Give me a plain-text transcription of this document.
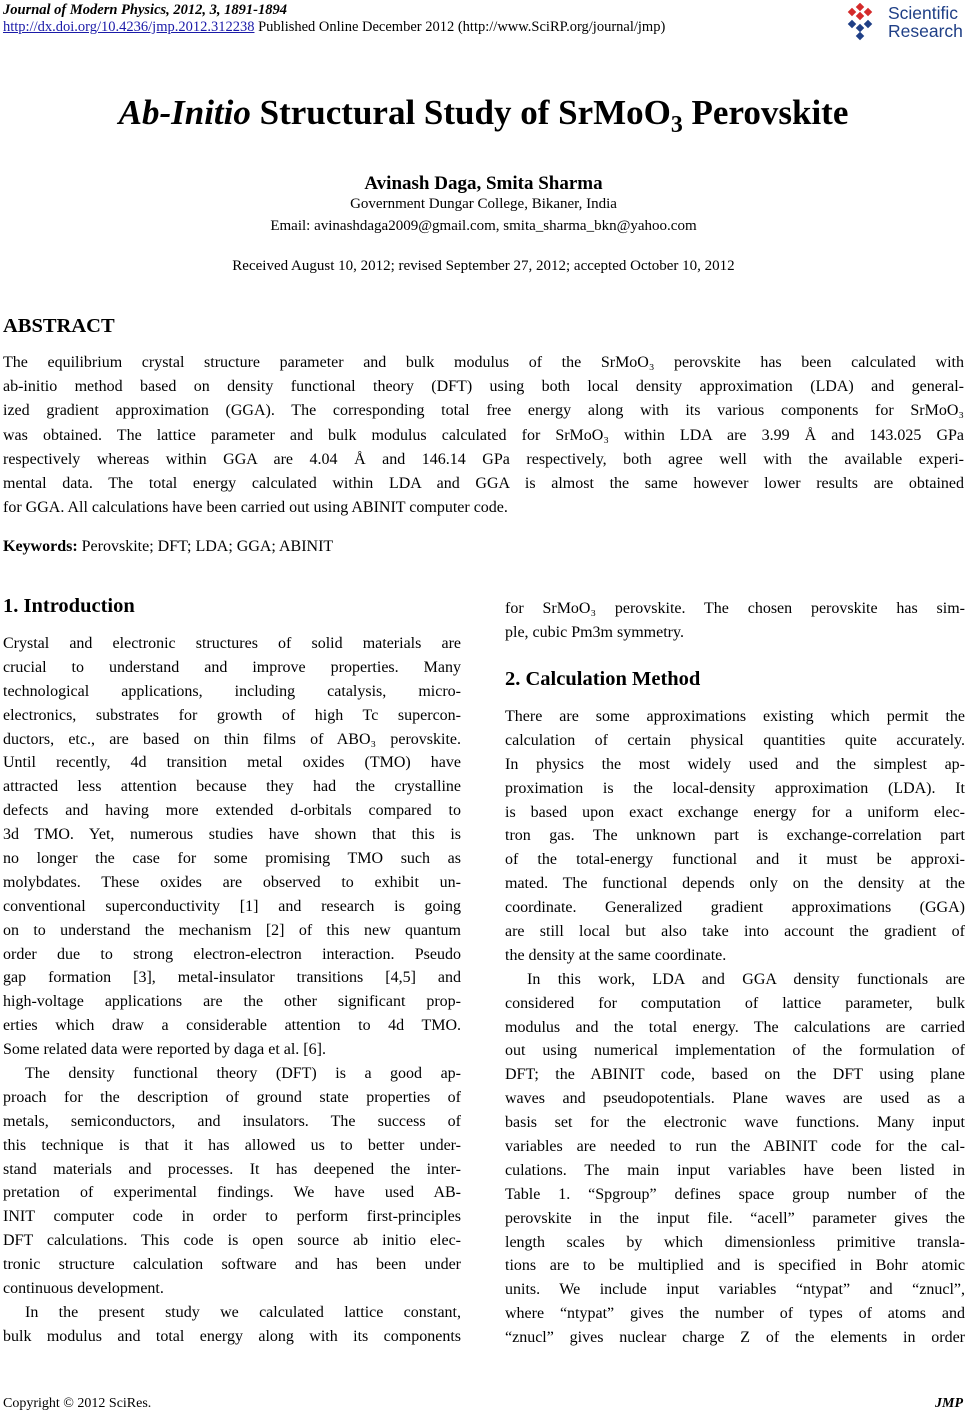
Journal of Modern Physics, 2012, 3, 1891-1894
http://dx.doi.org/10.4236/jmp.2012.312238 Published Online December 2012 (http://www.SciRP.org/journal/jmp)
Scientific
Research
Ab-Initio Structural Study of SrMoO$_3$ Perovskite
Avinash Daga, Smita Sharma
Government Dungar College, Bikaner, India
Email: avinashdaga2009@gmail.com, smita_sharma_bkn@yahoo.com
Received August 10, 2012; revised September 27, 2012; accepted October 10, 2012
ABSTRACT
The equilibrium crystal structure parameter and bulk modulus of the SrMoO₃ perovskite has been calculated with
ab-initio method based on density functional theory (DFT) using both local density approximation (LDA) and general-
ized gradient approximation (GGA). The corresponding total free energy along with its various components for SrMoO₃
was obtained. The lattice parameter and bulk modulus calculated for SrMoO₃ within LDA are 3.99 Å and 143.025 GPa
respectively whereas within GGA are 4.04 Å and 146.14 GPa respectively, both agree well with the available experi-
mental data. The total energy calculated within LDA and GGA is almost the same however lower results are obtained
for GGA. All calculations have been carried out using ABINIT computer code.
Keywords: Perovskite; DFT; LDA; GGA; ABINIT
1. Introduction
Crystal and electronic structures of solid materials are
crucial to understand and improve properties. Many
technological applications, including catalysis, micro-
electronics, substrates for growth of high Tc supercon-
ductors, etc., are based on thin films of ABO₃ perovskite.
Until recently, 4d transition metal oxides (TMO) have
attracted less attention because they had the crystalline
defects and having more extended d-orbitals compared to
3d TMO. Yet, numerous studies have shown that this is
no longer the case for some promising TMO such as
molybdates. These oxides are observed to exhibit un-
conventional superconductivity [1] and research is going
on to understand the mechanism [2] of this new quantum
order due to strong electron-electron interaction. Pseudo
gap formation [3], metal-insulator transitions [4,5] and
high-voltage applications are the other significant prop-
erties which draw a considerable attention to 4d TMO.
Some related data were reported by daga et al. [6].
The density functional theory (DFT) is a good ap-
proach for the description of ground state properties of
metals, semiconductors, and insulators. The success of
this technique is that it has allowed us to better under-
stand materials and processes. It has deepened the inter-
pretation of experimental findings. We have used AB-
INIT computer code in order to perform first-principles
DFT calculations. This code is open source ab initio elec-
tronic structure calculation software and has been under
continuous development.
In the present study we calculated lattice constant,
bulk modulus and total energy along with its components
for SrMoO₃ perovskite. The chosen perovskite has sim-
ple, cubic Pm3m symmetry.
2. Calculation Method
There are some approximations existing which permit the
calculation of certain physical quantities quite accurately.
In physics the most widely used and the simplest ap-
proximation is the local-density approximation (LDA). It
is based upon exact exchange energy for a uniform elec-
tron gas. The unknown part is exchange-correlation part
of the total-energy functional and it must be approxi-
mated. The functional depends only on the density at the
coordinate. Generalized gradient approximations (GGA)
are still local but also take into account the gradient of
the density at the same coordinate.
In this work, LDA and GGA density functionals are
considered for computation of lattice parameter, bulk
modulus and the total energy. The calculations are carried
out using numerical implementation of the formulation of
DFT; the ABINIT code, based on the DFT using plane
waves and pseudopotentials. Plane waves are used as a
basis set for the electronic wave functions. Many input
variables are needed to run the ABINIT code for the cal-
culations. The main input variables have been listed in
Table 1. “Spgroup” defines space group number of the
perovskite in the input file. “acell” parameter gives the
length scales by which dimensionless primitive transla-
tions are to be multiplied and is specified in Bohr atomic
units. We include input variables “ntypat” and “znucl”,
where “ntypat” gives the number of types of atoms and
“znucl” gives nuclear charge Z of the elements in order
Copyright © 2012 SciRes.	JMP
